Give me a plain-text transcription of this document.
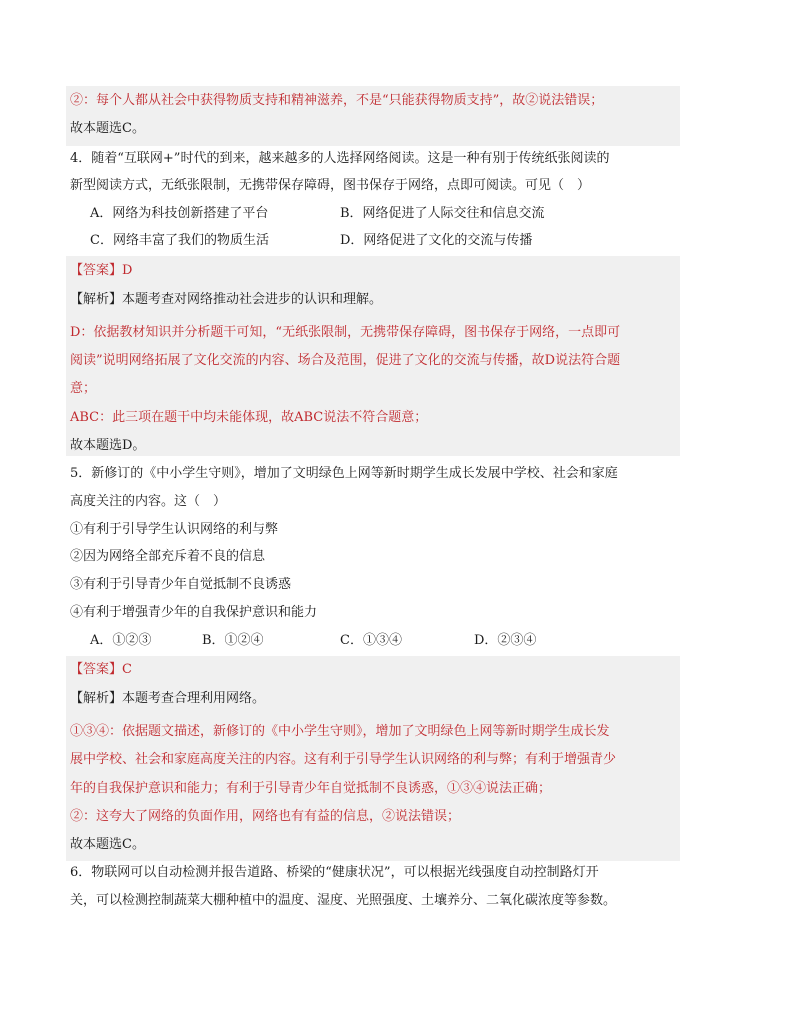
②：每个人都从社会中获得物质支持和精神滋养，不是“只能获得物质支持”，故②说法错误；
故本题选C。
4．随着“互联网+”时代的到来，越来越多的人选择网络阅读。这是一种有别于传统纸张阅读的
新型阅读方式，无纸张限制，无携带保存障碍，图书保存于网络，点即可阅读。可见（　）
A．网络为科技创新搭建了平台	B．网络促进了人际交往和信息交流
C．网络丰富了我们的物质生活	D．网络促进了文化的交流与传播
【答案】D
【解析】本题考查对网络推动社会进步的认识和理解。
D：依据教材知识并分析题干可知，“无纸张限制，无携带保存障碍，图书保存于网络，一点即可
阅读”说明网络拓展了文化交流的内容、场合及范围，促进了文化的交流与传播，故D说法符合题
意；
ABC：此三项在题干中均未能体现，故ABC说法不符合题意；
故本题选D。
5．新修订的《中小学生守则》，增加了文明绿色上网等新时期学生成长发展中学校、社会和家庭
高度关注的内容。这（　）
①有利于引导学生认识网络的利与弊
②因为网络全部充斥着不良的信息
③有利于引导青少年自觉抵制不良诱惑
④有利于增强青少年的自我保护意识和能力
A．①②③	B．①②④	C．①③④	D．②③④
【答案】C
【解析】本题考查合理利用网络。
①③④：依据题文描述，新修订的《中小学生守则》，增加了文明绿色上网等新时期学生成长发
展中学校、社会和家庭高度关注的内容。这有利于引导学生认识网络的利与弊；有利于增强青少
年的自我保护意识和能力；有利于引导青少年自觉抵制不良诱惑，①③④说法正确；
②：这夸大了网络的负面作用，网络也有有益的信息，②说法错误；
故本题选C。
6．物联网可以自动检测并报告道路、桥梁的“健康状况”，可以根据光线强度自动控制路灯开
关，可以检测控制蔬菜大棚种植中的温度、湿度、光照强度、土壤养分、二氧化碳浓度等参数。
